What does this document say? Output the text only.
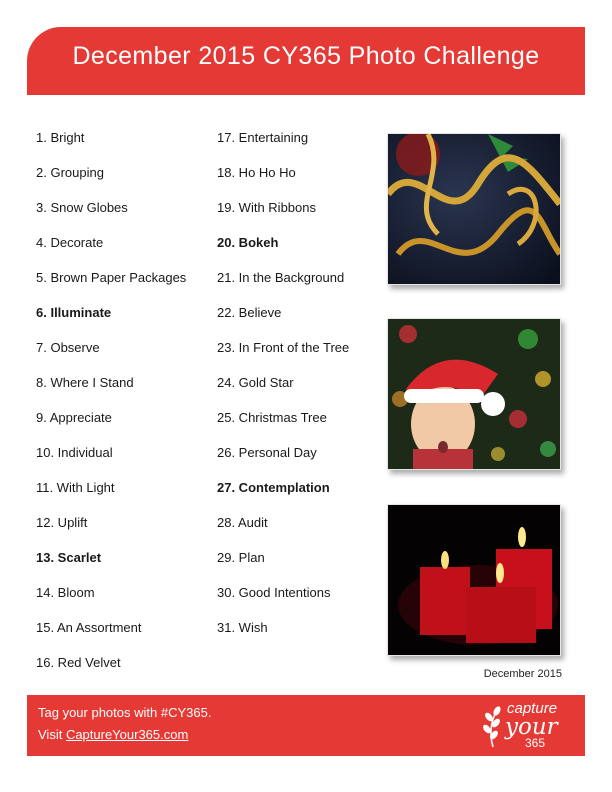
December 2015 CY365 Photo Challenge
1. Bright
2. Grouping
3. Snow Globes
4. Decorate
5. Brown Paper Packages
6. Illuminate
7. Observe
8. Where I Stand
9. Appreciate
10. Individual
11. With Light
12. Uplift
13. Scarlet
14. Bloom
15. An Assortment
16. Red Velvet
17. Entertaining
18. Ho Ho Ho
19. With Ribbons
20. Bokeh
21. In the Background
22. Believe
23. In Front of the Tree
24. Gold Star
25. Christmas Tree
26. Personal Day
27. Contemplation
28. Audit
29. Plan
30. Good Intentions
31. Wish
December 2015
Tag your photos with #CY365.
Visit CaptureYour365.com
capture
your
365
